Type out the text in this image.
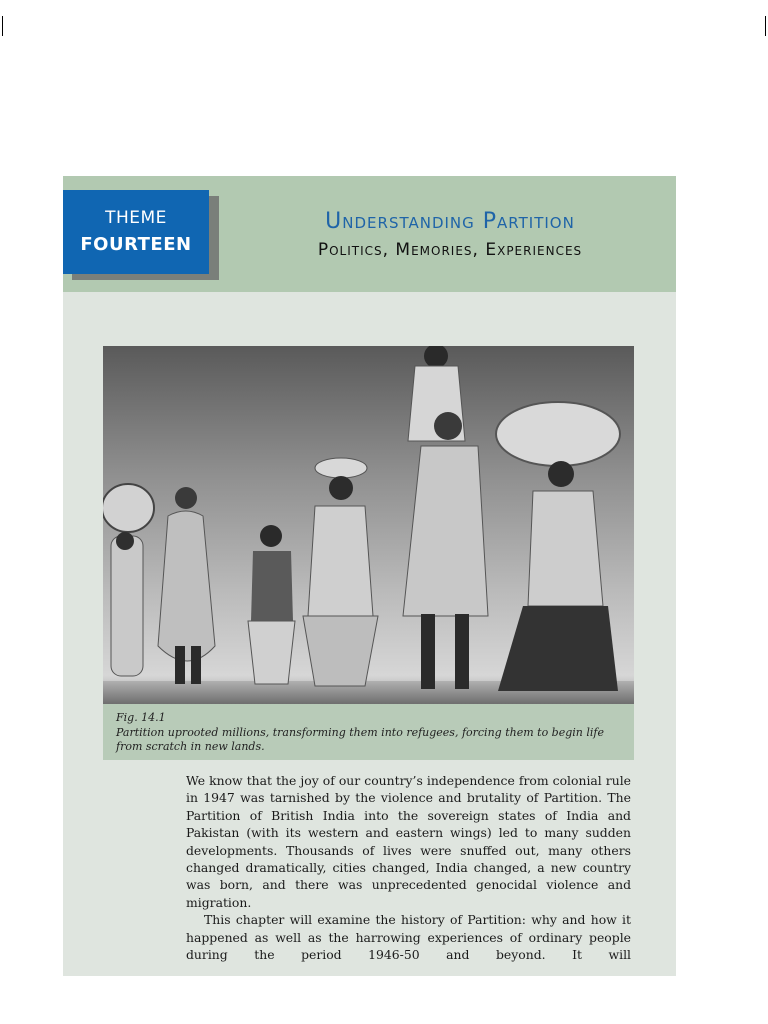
THEME
FOURTEEN
Understanding Partition
Politics, Memories, Experiences
Fig. 14.1
Partition uprooted millions, transforming them into refugees, forcing them to begin life from scratch in new lands.

We know that the joy of our country’s independence from colonial rule in 1947 was tarnished by the violence and brutality of Partition. The Partition of British India into the sovereign states of India and Pakistan (with its western and eastern wings) led to many sudden developments. Thousands of lives were snuffed out, many others changed dramatically, cities changed, India changed, a new country was born, and there was unprecedented genocidal violence and migration.

This chapter will examine the history of Partition: why and how it happened as well as the harrowing experiences of ordinary people during the period 1946-50 and beyond. It will
